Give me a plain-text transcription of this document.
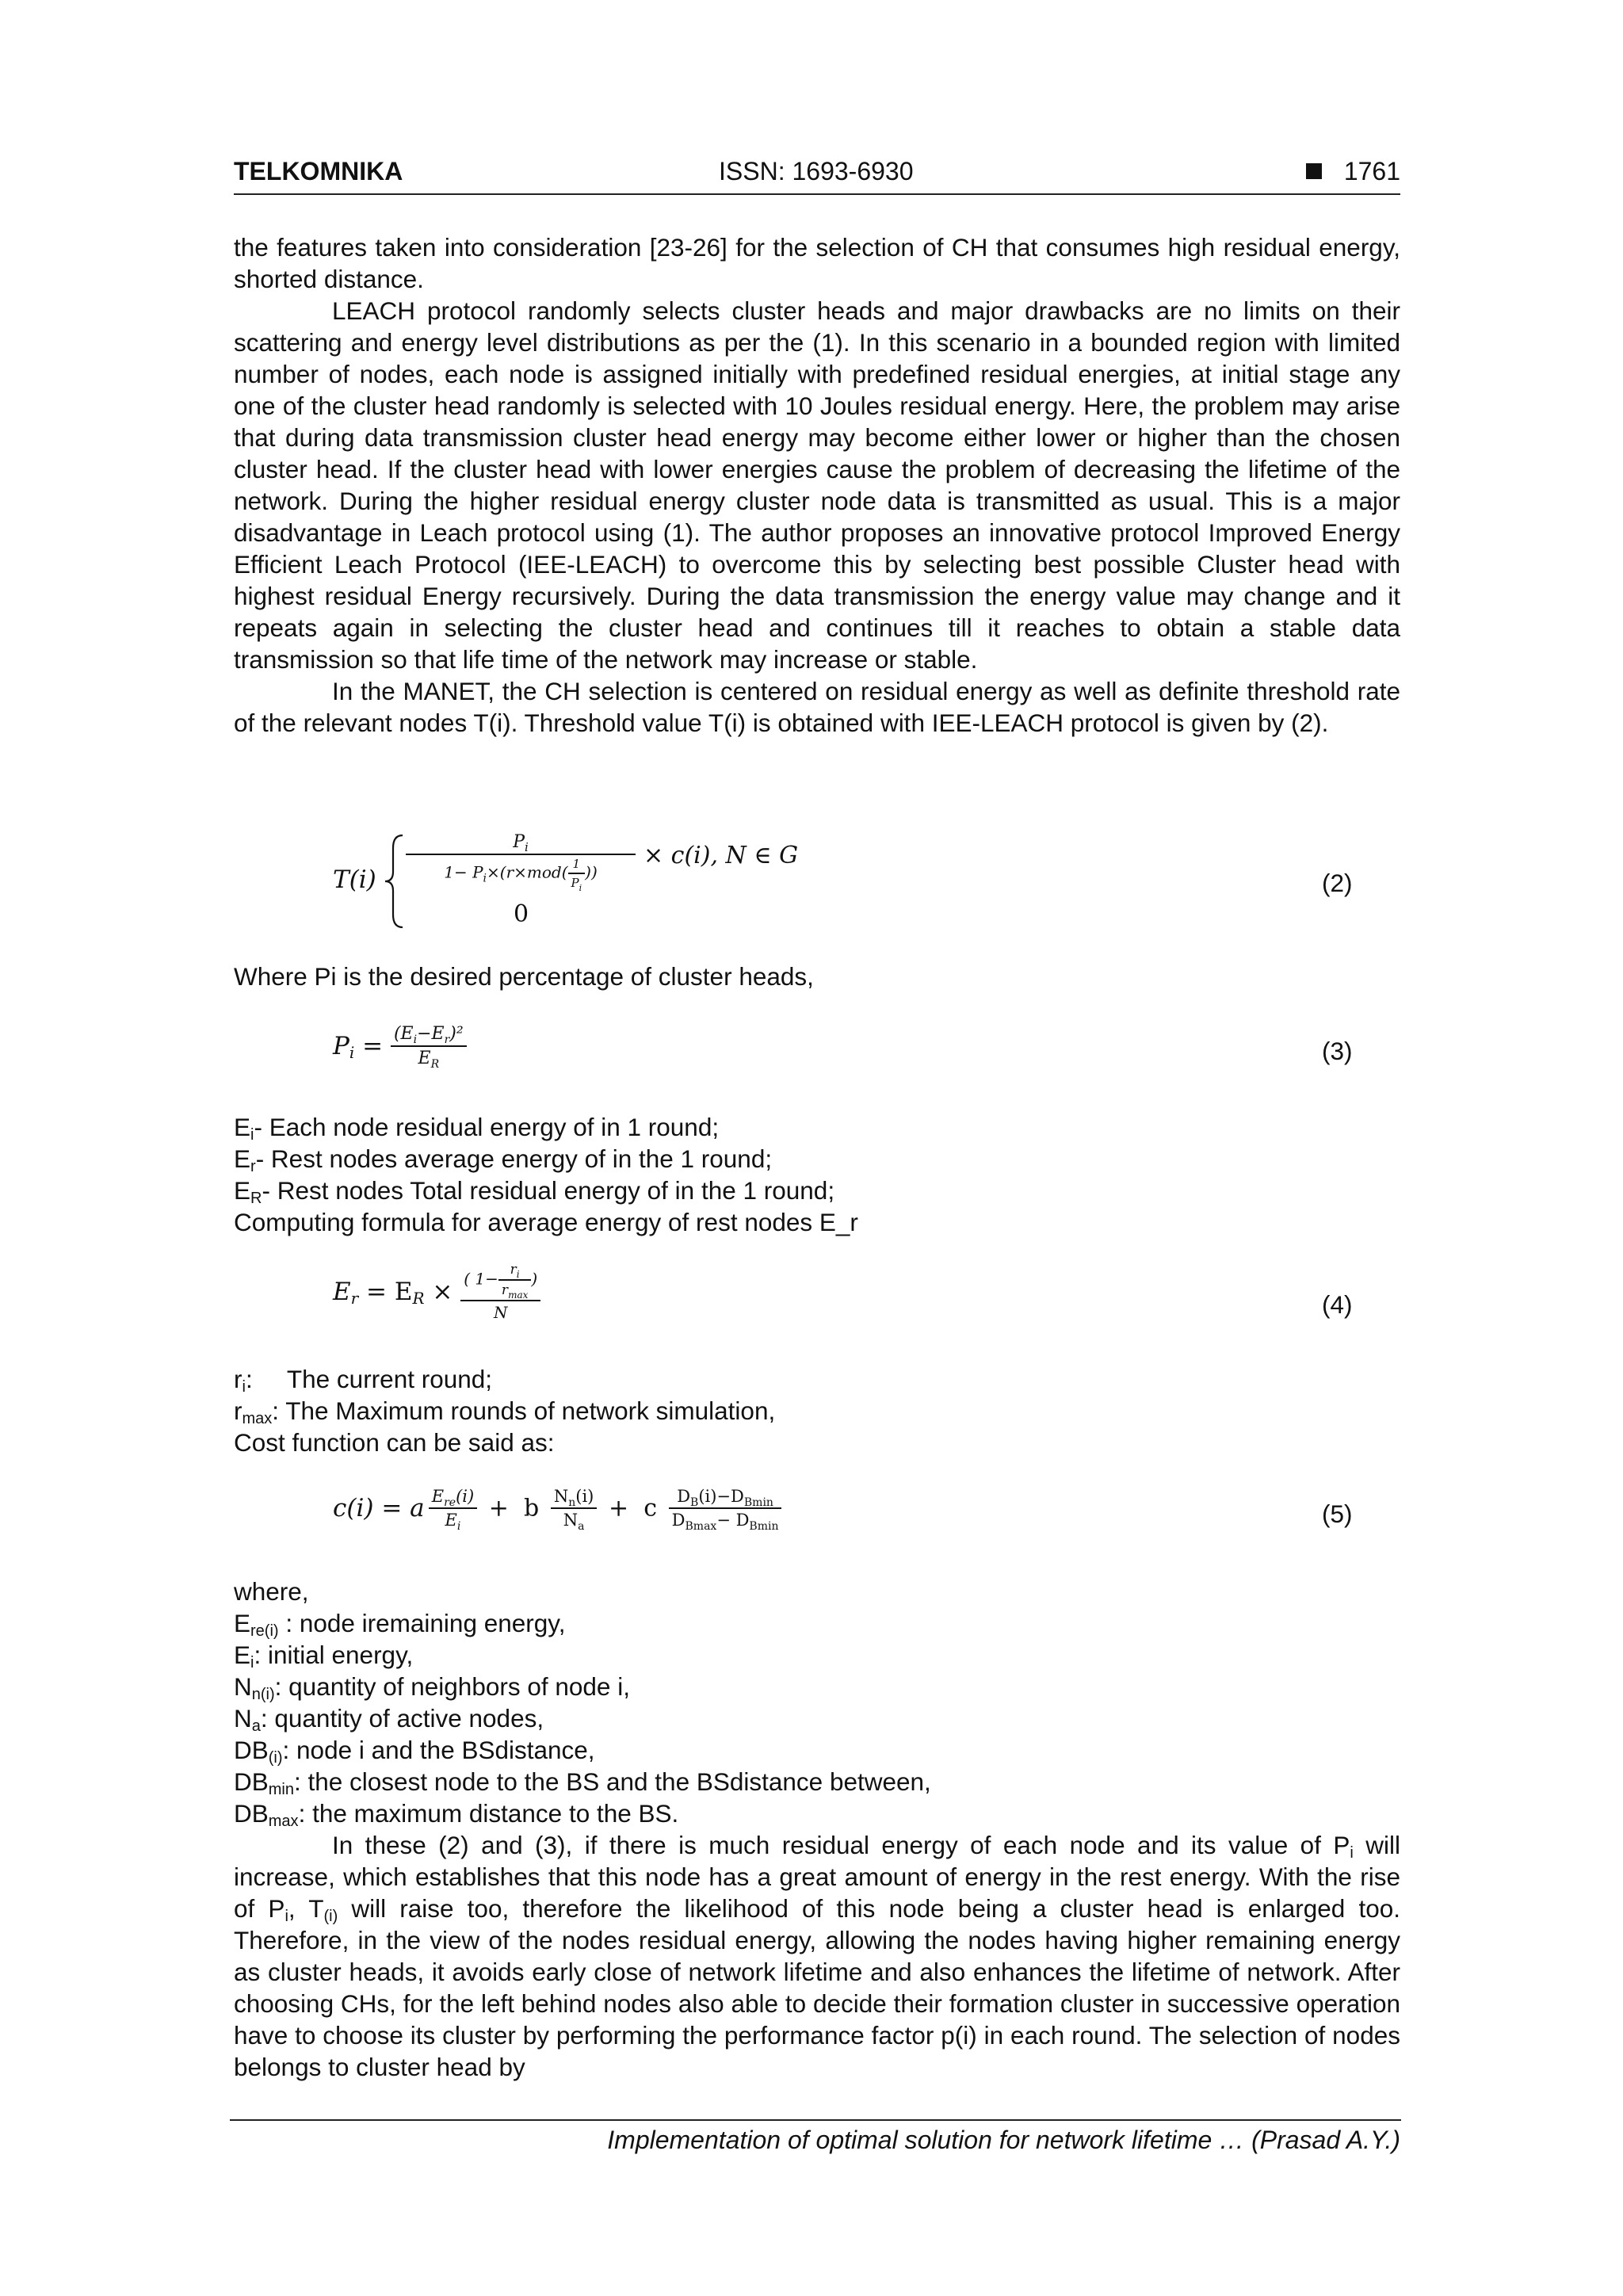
TELKOMNIKA	ISSN: 1693-6930	1761

the features taken into consideration [23-26] for the selection of CH that consumes high residual energy, shorted distance.

LEACH protocol randomly selects cluster heads and major drawbacks are no limits on their scattering and energy level distributions as per the (1). In this scenario in a bounded region with limited number of nodes, each node is assigned initially with predefined residual energies, at initial stage any one of the cluster head randomly is selected with 10 Joules residual energy. Here, the problem may arise that during data transmission cluster head energy may become either lower or higher than the chosen cluster head. If the cluster head with lower energies cause the problem of decreasing the lifetime of the network. During the higher residual energy cluster node data is transmitted as usual. This is a major disadvantage in Leach protocol using (1). The author proposes an innovative protocol Improved Energy Efficient Leach Protocol (IEE-LEACH) to overcome this by selecting best possible Cluster head with highest residual Energy recursively. During the data transmission the energy value may change and it repeats again in selecting the cluster head and continues till it reaches to obtain a stable data transmission so that life time of the network may increase or stable.

In the MANET, the CH selection is centered on residual energy as well as definite threshold rate of the relevant nodes T(i). Threshold value T(i) is obtained with IEE-LEACH protocol is given by (2).

T(i)
$P_i$
$1- P_i\times(r\times mod( \frac{1}{P_i}$ ))
× c(i), N ∈ G
0
(2)

Where Pi is the desired percentage of cluster heads,

$P_i = \frac{(E_i-E_r)^2}{E_R}$	(3)

$E_i-$ Each node residual energy of in 1 round;

$E_r-$ Rest nodes average energy of in the 1 round;

$E_R-$ Rest nodes Total residual energy of in the 1 round;

Computing formula for average energy of rest nodes E_r

$E_r = E_R \times \frac{( 1- \frac{r_i}{r_{max}} )}{N}$	(4)

$r_i$:     The current round;

$r_{max}$: The Maximum rounds of network simulation,

Cost function can be said as:

c(i) = a $\frac{E_{re}(i)}{E_i} + b \frac{N_n(i)}{N_a} + c \frac{D_B(i)-D_{Bmin}}{D_{Bmax}- D_{Bmin}}$	(5)

where,

$E_{re(i)}$ : node iremaining energy,

$E_i$: initial energy,

$N_{n(i)}$: quantity of neighbors of node i,

$N_a$: quantity of active nodes,

$DB_{(i)}$: node i and the BSdistance,

$DB_{min}$: the closest node to the BS and the BSdistance between,

$DB_{max}$: the maximum distance to the BS.

In these (2) and (3), if there is much residual energy of each node and its value of $P_i$ will increase, which establishes that this node has a great amount of energy in the rest energy. With the rise of $P_i$, $T_{(i)}$ will raise too, therefore the likelihood of this node being a cluster head is enlarged too. Therefore, in the view of the nodes residual energy, allowing the nodes having higher remaining energy as cluster heads, it avoids early close of network lifetime and also enhances the lifetime of network. After choosing CHs, for the left behind nodes also able to decide their formation cluster in successive operation have to choose its cluster by performing the performance factor p(i) in each round. The selection of nodes belongs to cluster head by

Implementation of optimal solution for network lifetime … (Prasad A.Y.)
